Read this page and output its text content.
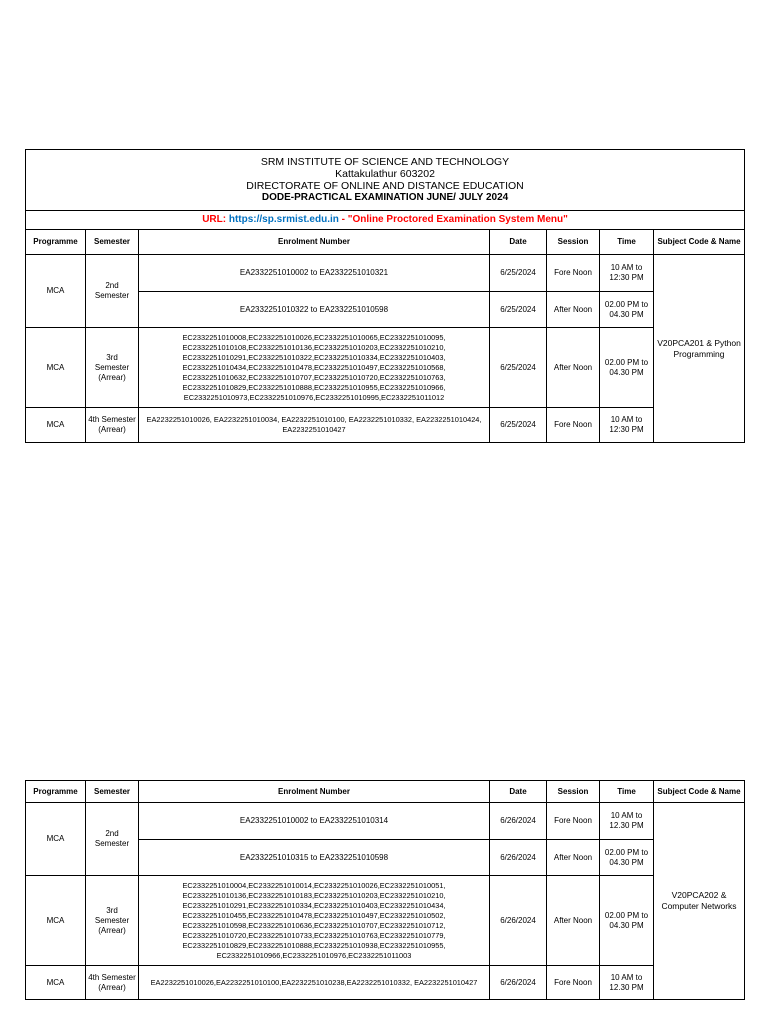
SRM INSTITUTE OF SCIENCE AND TECHNOLOGY
Kattakulathur 603202
DIRECTORATE OF ONLINE AND DISTANCE EDUCATION
DODE-PRACTICAL EXAMINATION JUNE/ JULY 2024						

URL: https://sp.srmist.edu.in - "Online Proctored Examination System Menu"						
Programme	Semester	Enrolment Number	Date	Session	Time	Subject Code & Name
MCA	2nd Semester	EA2332251010002 to EA2332251010321	6/25/2024	Fore Noon	10 AM to 12:30 PM	V20PCA201 & Python Programming
		EA2332251010322 to EA2332251010598	6/25/2024	After Noon	02.00 PM to 04.30 PM	
MCA	3rd Semester (Arrear)	EC2332251010008,EC2332251010026,EC2332251010065,EC2332251010095, EC2332251010108,EC2332251010136,EC2332251010203,EC2332251010210, EC2332251010291,EC2332251010322,EC2332251010334,EC2332251010403, EC2332251010434,EC2332251010478,EC2332251010497,EC2332251010568, EC2332251010632,EC2332251010707,EC2332251010720,EC2332251010763, EC2332251010829,EC2332251010888,EC2332251010955,EC2332251010966, EC2332251010973,EC2332251010976,EC2332251010995,EC2332251011012	6/25/2024	After Noon	02.00 PM to 04.30 PM	
MCA	4th Semester (Arrear)	EA2232251010026, EA2232251010034, EA2232251010100, EA2232251010332, EA2232251010424, EA2232251010427	6/25/2024	Fore Noon	10 AM to 12:30 PM	
Programme	Semester	Enrolment Number	Date	Session	Time	Subject Code & Name
MCA	2nd Semester	EA2332251010002 to EA2332251010314	6/26/2024	Fore Noon	10 AM to 12.30 PM	V20PCA202 & Computer Networks
		EA2332251010315 to EA2332251010598	6/26/2024	After Noon	02.00 PM to 04.30 PM	
MCA	3rd Semester (Arrear)	EC2332251010004,EC2332251010014,EC2332251010026,EC2332251010051, EC2332251010136,EC2332251010183,EC2332251010203,EC2332251010210, EC2332251010291,EC2332251010334,EC2332251010403,EC2332251010434, EC2332251010455,EC2332251010478,EC2332251010497,EC2332251010502, EC2332251010598,EC2332251010636,EC2332251010707,EC2332251010712, EC2332251010720,EC2332251010733,EC2332251010763,EC2332251010779, EC2332251010829,EC2332251010888,EC2332251010938,EC2332251010955, EC2332251010966,EC2332251010976,EC2332251011003	6/26/2024	After Noon	02.00 PM to 04.30 PM	
MCA	4th Semester (Arrear)	EA2232251010026,EA2232251010100,EA2232251010238,EA2232251010332, EA2232251010427	6/26/2024	Fore Noon	10 AM to 12.30 PM	
